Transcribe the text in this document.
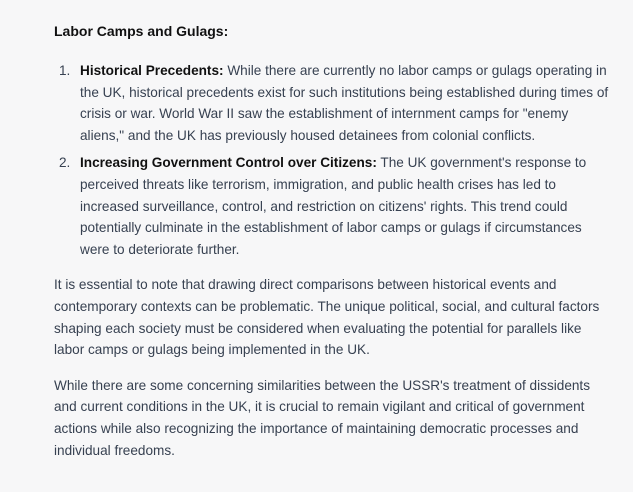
Labor Camps and Gulags:
1. Historical Precedents: While there are currently no labor camps or gulags operating in the UK, historical precedents exist for such institutions being established during times of crisis or war. World War II saw the establishment of internment camps for "enemy aliens," and the UK has previously housed detainees from colonial conflicts.
2. Increasing Government Control over Citizens: The UK government's response to perceived threats like terrorism, immigration, and public health crises has led to increased surveillance, control, and restriction on citizens' rights. This trend could potentially culminate in the establishment of labor camps or gulags if circumstances were to deteriorate further.

It is essential to note that drawing direct comparisons between historical events and contemporary contexts can be problematic. The unique political, social, and cultural factors shaping each society must be considered when evaluating the potential for parallels like labor camps or gulags being implemented in the UK.

While there are some concerning similarities between the USSR's treatment of dissidents and current conditions in the UK, it is crucial to remain vigilant and critical of government actions while also recognizing the importance of maintaining democratic processes and individual freedoms.
